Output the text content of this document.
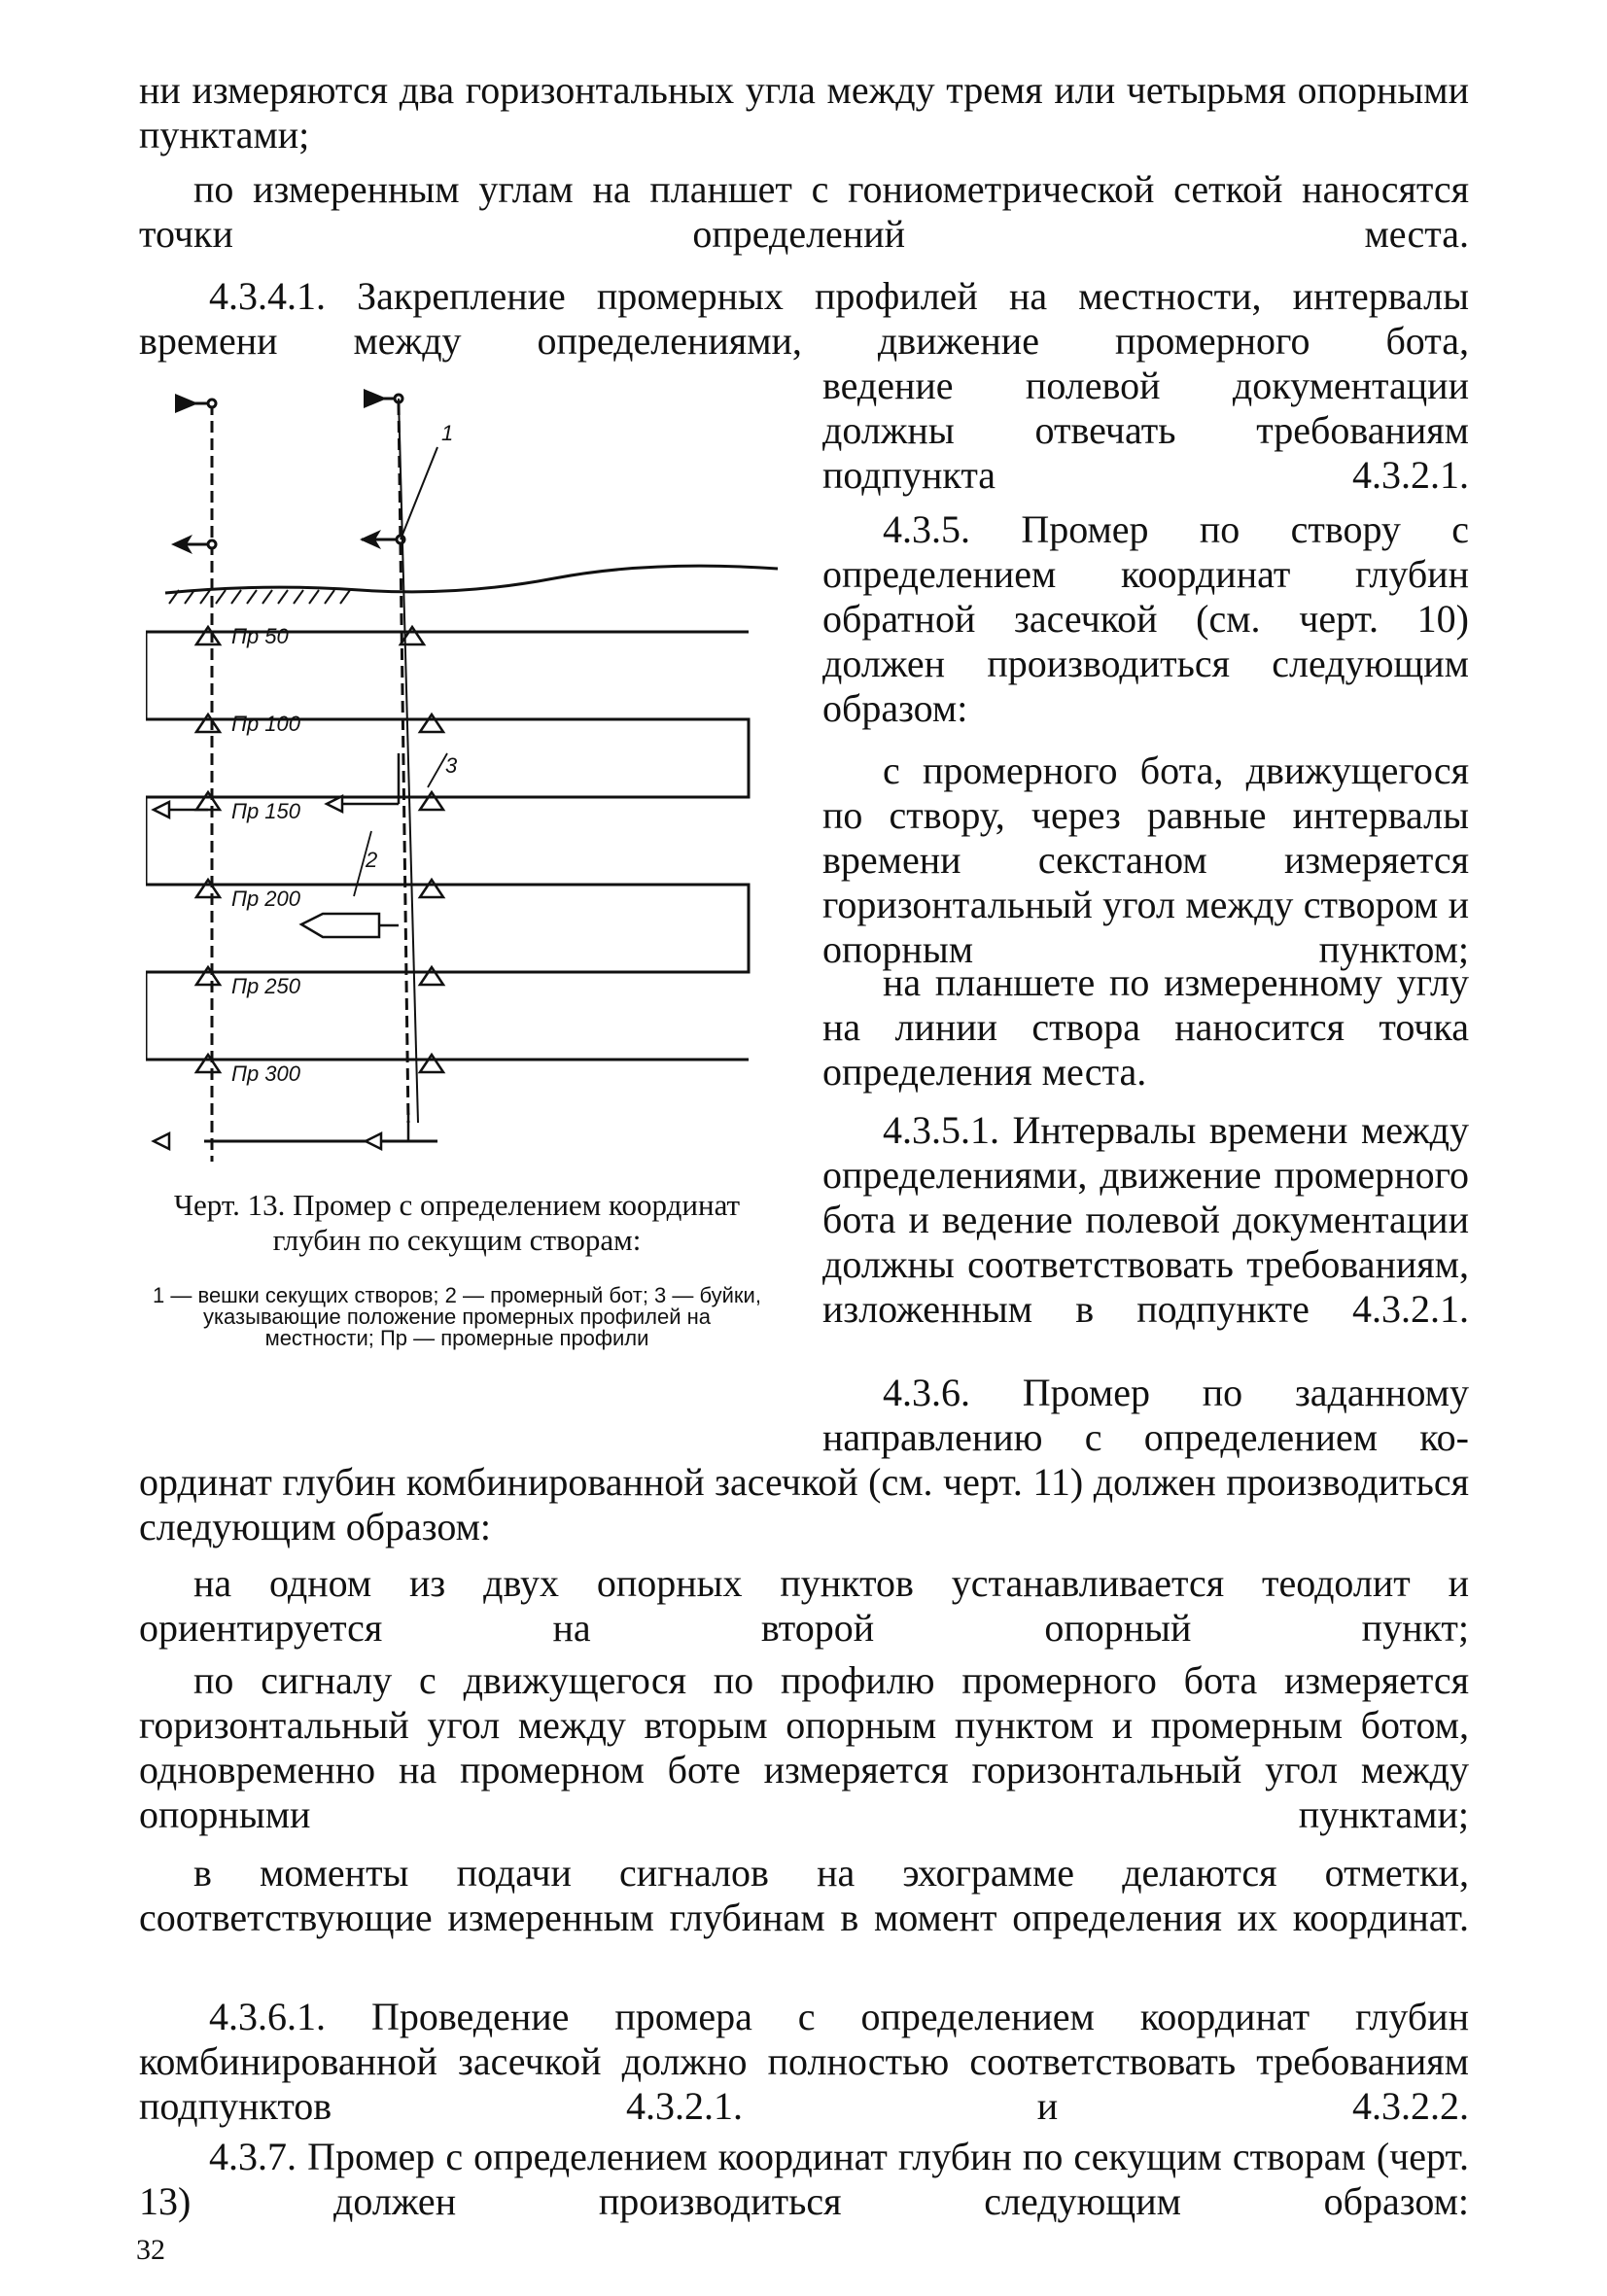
ни измеряются два горизонтальных угла между тремя или четырьмя опорными пунктами;

по измеренным углам на планшет с гониометрической сеткой наносятся точки определений места.

4.3.4.1. Закрепление промерных профилей на местности, интервалы времени между определениями, движение промерного бота,

ведение полевой документации должны отвечать требованиям подпункта 4.3.2.1.

4.3.5. Промер по створу с определением координат глубин обратной засечкой (см. черт. 10) должен производиться следующим образом:

с промерного бота, движущегося по створу, через равные интервалы времени секстаном измеряется горизонтальный угол между створом и опорным пунктом;

на планшете по измеренному углу на линии створа наносится точка определения места.

4.3.5.1. Интервалы времени между определениями, движение промерного бота и ведение полевой документации должны соответствовать требованиям, изложенным в подпункте 4.3.2.1.

4.3.6. Промер по заданному направлению с определением ко-

ординат глубин комбинированной засечкой (см. черт. 11) должен производиться следующим образом:

на одном из двух опорных пунктов устанавливается теодолит и ориентируется на второй опорный пункт;

по сигналу с движущегося по профилю промерного бота измеряется горизонтальный угол между вторым опорным пунктом и промерным ботом, одновременно на промерном боте измеряется горизонтальный угол между опорными пунктами;

в моменты подачи сигналов на эхограмме делаются отметки, соответствующие измеренным глубинам в момент определения их координат.

4.3.6.1. Проведение промера с определением координат глубин комбинированной засечкой должно полностью соответствовать требованиям подпунктов 4.3.2.1. и 4.3.2.2.

4.3.7. Промер с определением координат глубин по секущим створам (черт. 13) должен производиться следующим образом:

Пр 50
Пр 100
Пр 150
Пр 200
Пр 250
Пр 300
1
2
3

Черт. 13. Промер с определением координат глубин по секущим створам:

1 — вешки секущих створов; 2 — промерный бот; 3 — буйки, указывающие положение промерных профилей на местности; Пр — промерные профили

32
